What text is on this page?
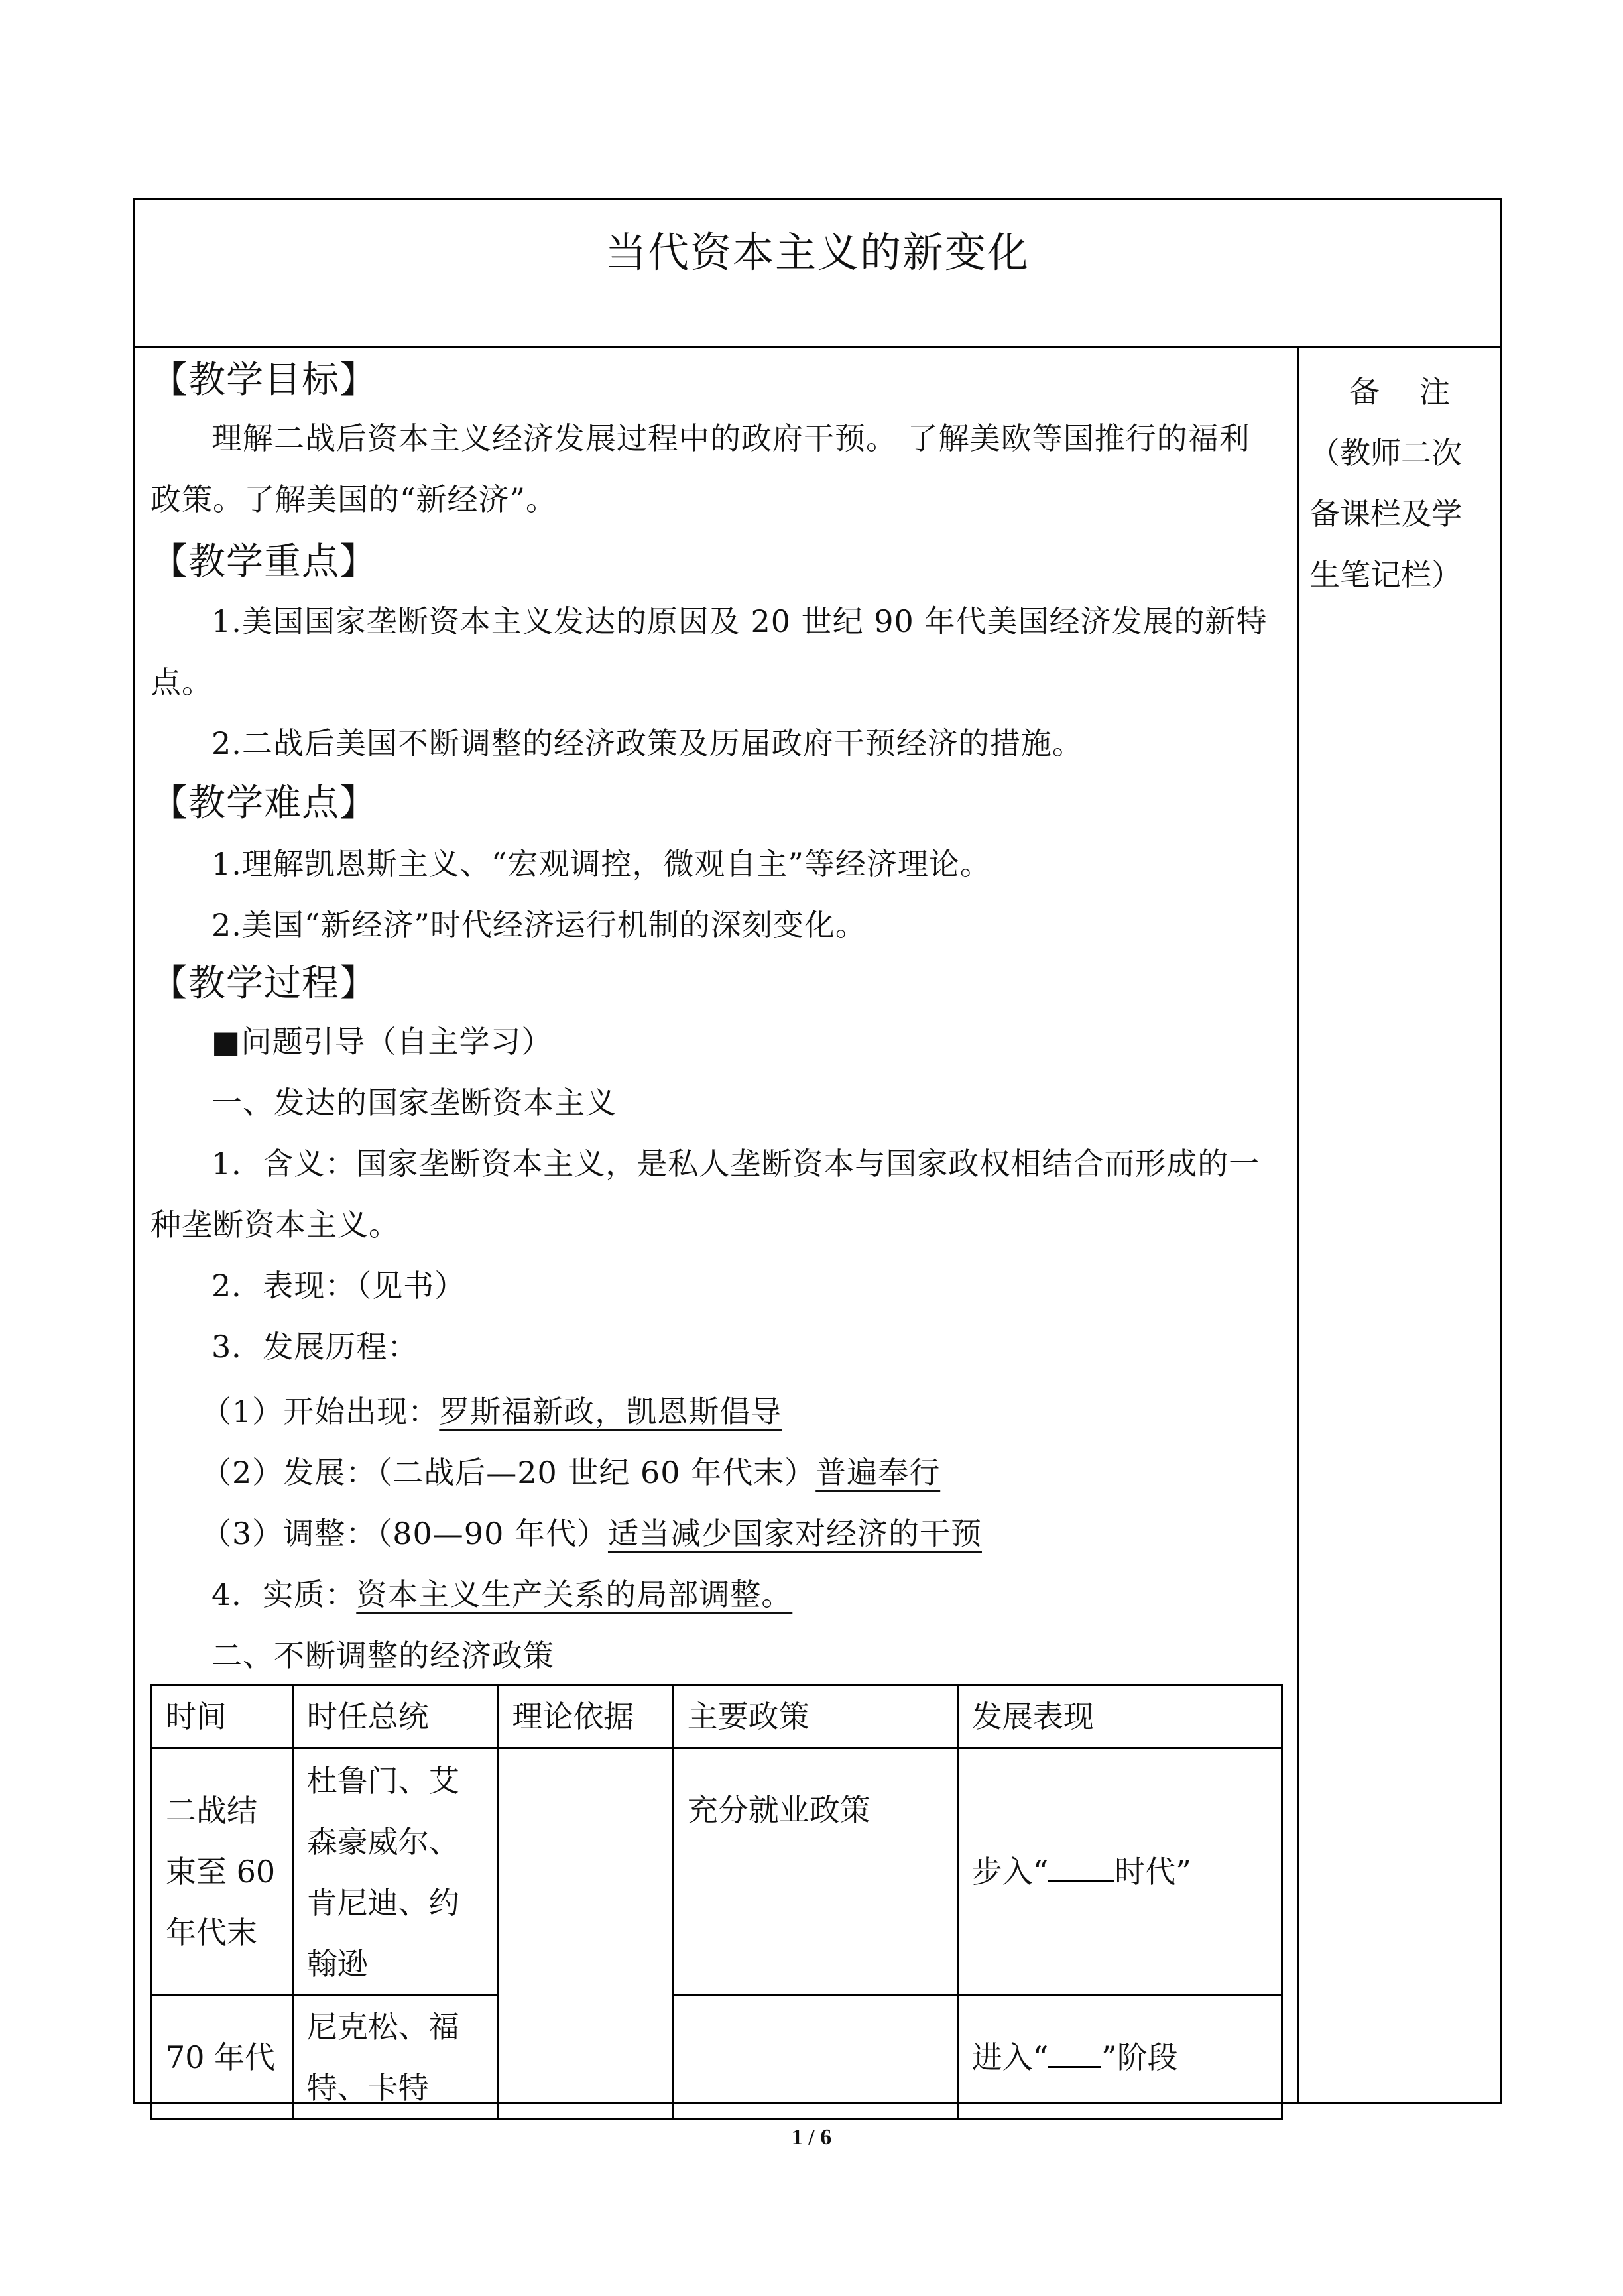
当代资本主义的新变化
【教学目标】
理解二战后资本主义经济发展过程中的政府干预。 了解美欧等国推行的福利政策。了解美国的“新经济”。
【教学重点】
1.美国国家垄断资本主义发达的原因及 20 世纪 90 年代美国经济发展的新特点。
2.二战后美国不断调整的经济政策及历届政府干预经济的措施。
【教学难点】
1.理解凯恩斯主义、“宏观调控，微观自主”等经济理论。
2.美国“新经济”时代经济运行机制的深刻变化。
【教学过程】
■问题引导（自主学习）
一、发达的国家垄断资本主义
1．含义：国家垄断资本主义，是私人垄断资本与国家政权相结合而形成的一种垄断资本主义。
2．表现：（见书）
3．发展历程：
（1）开始出现：罗斯福新政，凯恩斯倡导
（2）发展：（二战后—20 世纪 60 年代末）普遍奉行
（3）调整：（80—90 年代）适当减少国家对经济的干预
4．实质：资本主义生产关系的局部调整。
二、不断调整的经济政策
时间	时任总统	理论依据	主要政策	发展表现
二战结束至 60 年代末	杜鲁门、艾森豪威尔、肯尼迪、约翰逊		充分就业政策	步入“ 时代”
70 年代	尼克松、福特、卡特			进入“ ”阶段
备注
（教师二次
备课栏及学
生笔记栏）
1 / 6
